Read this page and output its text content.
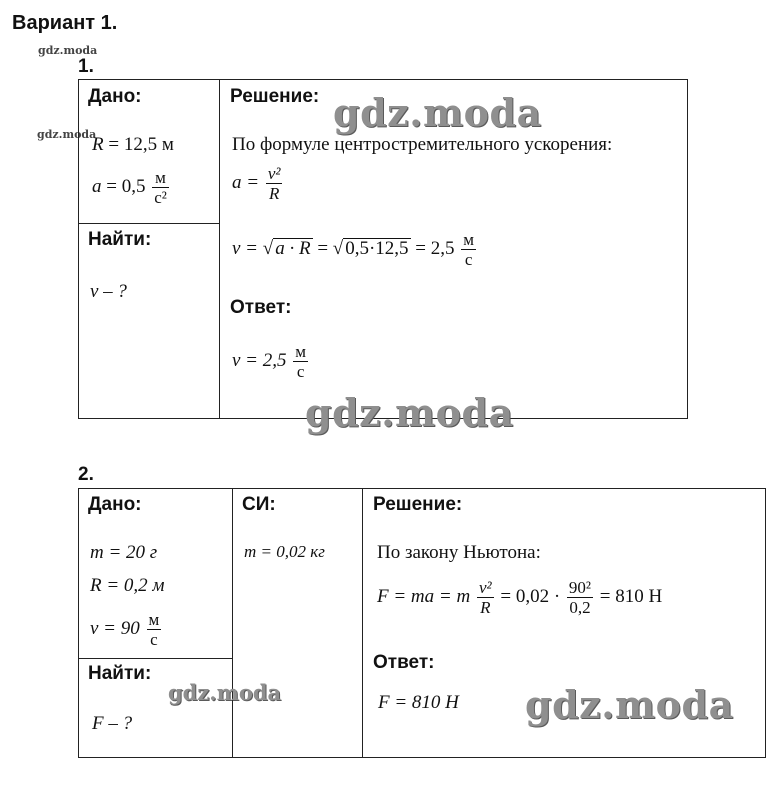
Вариант 1.
gdz.moda
gdz.moda
1.
Дано:
R = 12,5 м
$a = 0,5 \frac{м}{\text{с²}}$
Найти:
v – ?
Решение: gdz.moda
По формуле центростремительного ускорения:
$a = \frac{\text{v²}}{R}$
v = √ a · R = √ $0,5\cdot 12,5 = 2,5 \frac{м}{с}$
Ответ:
$v = 2,5 \frac{м}{с}$
gdz.moda
2.
Дано:
m = 20 г
R = 0,2 м
$v = 90 \frac{м}{с}$
Найти:
gdz.moda
F – ?
СИ:
m = 0,02 кг
Решение:
По закону Ньютона:
F = ma = m $\frac{\text{v²}}{R} = 0,02 \cdot \frac{\text{90²}}{0,2} = 810$ Н
Ответ:
F = 810 Н gdz.moda
